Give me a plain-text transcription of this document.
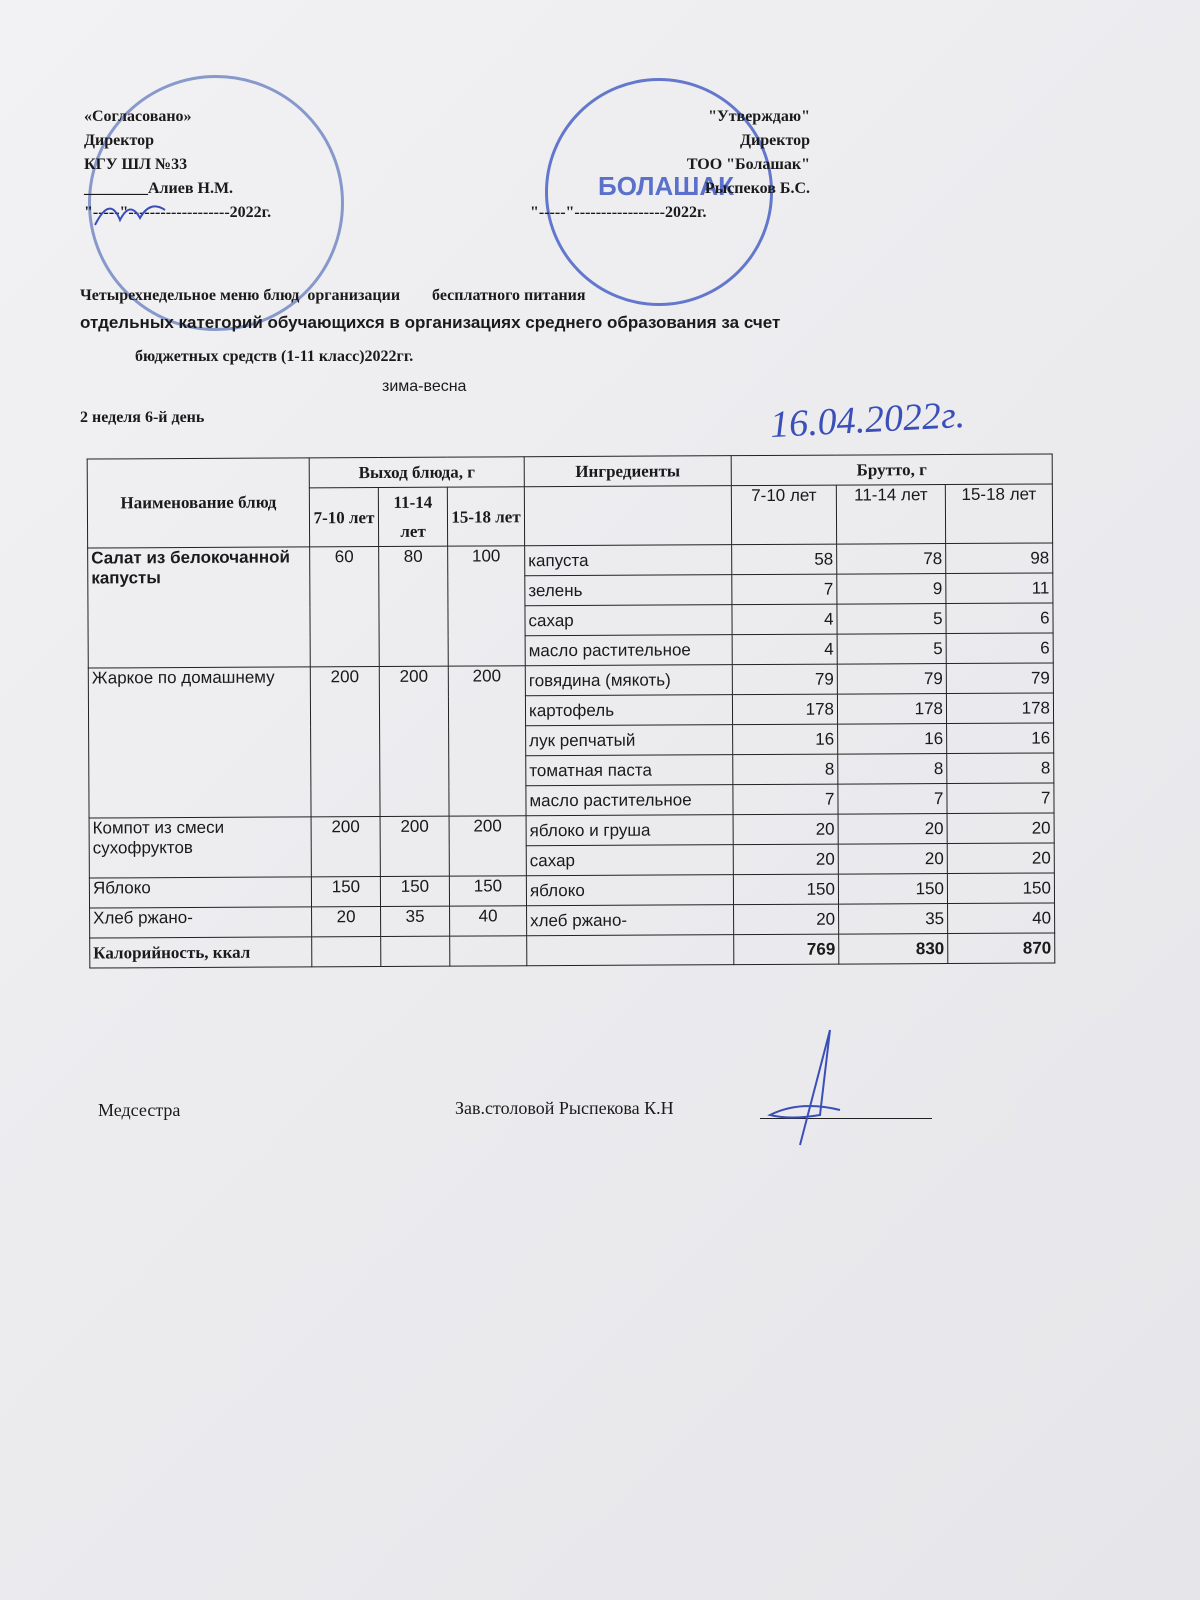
БОЛАШАК
«Согласовано»
Директор
КГУ ШЛ №33
________Алиев Н.М.
"-----"-------------------2022г.
"Утверждаю"
Директор
ТОО "Болашак"
Рыспеков Б.С.
"-----"-----------------2022г.
Четырехнедельное меню блюд  организации        бесплатного питания
отдельных категорий обучающихся в организациях среднего образования за счет
бюджетных средств (1-11 класс)2022гг.
зима-весна
2 неделя 6-й день	16.04.2022г.
Наименование блюд	Выход блюда, г			Ингредиенты	Брутто, г		
	7-10 лет	11-14 лет	15-18 лет		7-10 лет	11-14 лет	15-18 лет
Салат из белокочанной капусты	60	80	100	капуста	58	78	98
				зелень	7	9	11
				сахар	4	5	6
				масло растительное	4	5	6
Жаркое по домашнему	200	200	200	говядина (мякоть)	79	79	79
				картофель	178	178	178
				лук репчатый	16	16	16
				томатная паста	8	8	8
				масло растительное	7	7	7
Компот из смеси сухофруктов	200	200	200	яблоко и груша	20	20	20
				сахар	20	20	20
Яблоко	150	150	150	яблоко	150	150	150
Хлеб ржано-	20	35	40	хлеб ржано-	20	35	40
Калорийность, ккал					769	830	870
Медсестра	Зав.столовой Рыспекова К.Н
